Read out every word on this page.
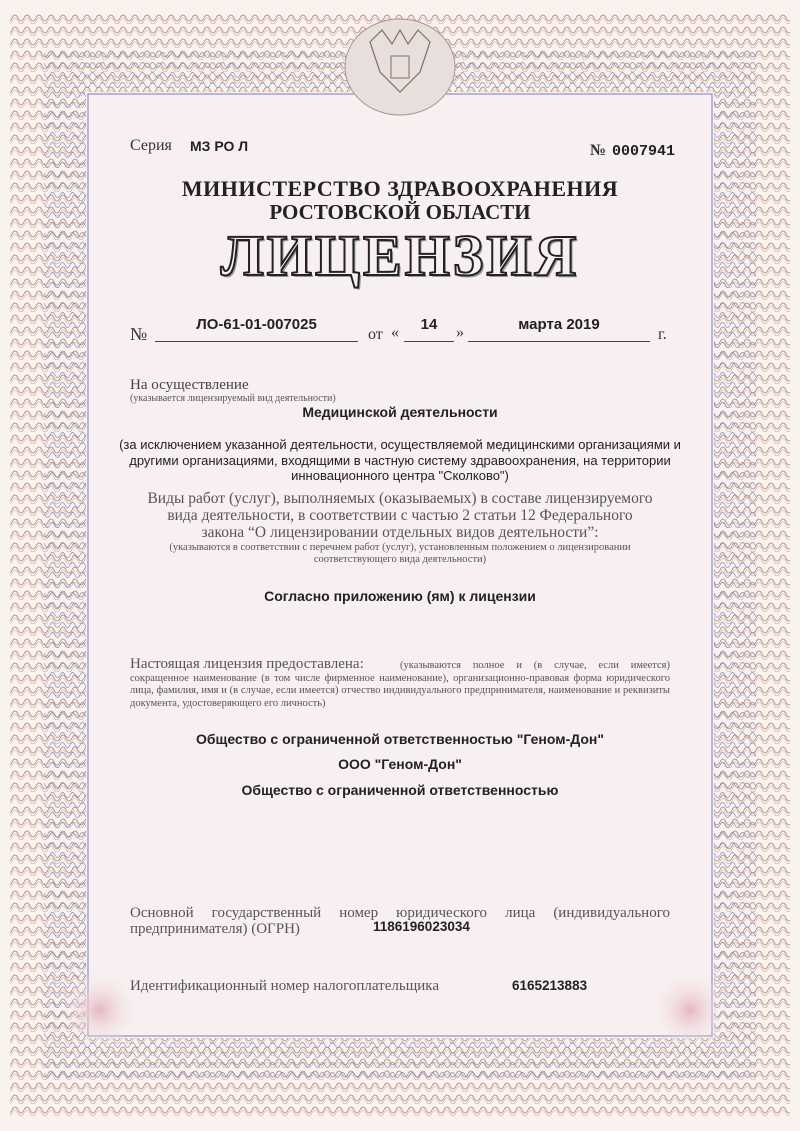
Серия МЗ РО Л	№ 0007941
МИНИСТЕРСТВО ЗДРАВООХРАНЕНИЯ
РОСТОВСКОЙ ОБЛАСТИ
ЛИЦЕНЗИЯ
№	ЛО-61-01-007025
от «	14	»	марта 2019
г.
На осуществление
(указывается лицензируемый вид деятельности)
Медицинской деятельности
(за исключением указанной деятельности, осуществляемой медицинскими организациями и другими организациями, входящими в частную систему здравоохранения, на территории инновационного центра "Сколково")
Виды работ (услуг), выполняемых (оказываемых) в составе лицензируемого
вида деятельности, в соответствии с частью 2 статьи 12 Федерального
закона “О лицензировании отдельных видов деятельности”:
(указываются в соответствии с перечнем работ (услуг), установленным положением о лицензировании соответствующего вида деятельности)
Согласно приложению (ям) к лицензии
Настоящая лицензия предоставлена:	(указываются полное и (в случае, если имеется) сокращенное наименование (в том числе фирменное наименование), организационно-правовая форма юридического лица, фамилия, имя и (в случае, если имеется) отчество индивидуального предпринимателя, наименование и реквизиты документа, удостоверяющего его личность)
Общество с ограниченной ответственностью "Геном-Дон"
ООО "Геном-Дон"
Общество с ограниченной ответственностью
Основной государственный номер юридического лица (индивидуального предпринимателя) (ОГРН)	1186196023034
Идентификационный номер налогоплательщика	6165213883
